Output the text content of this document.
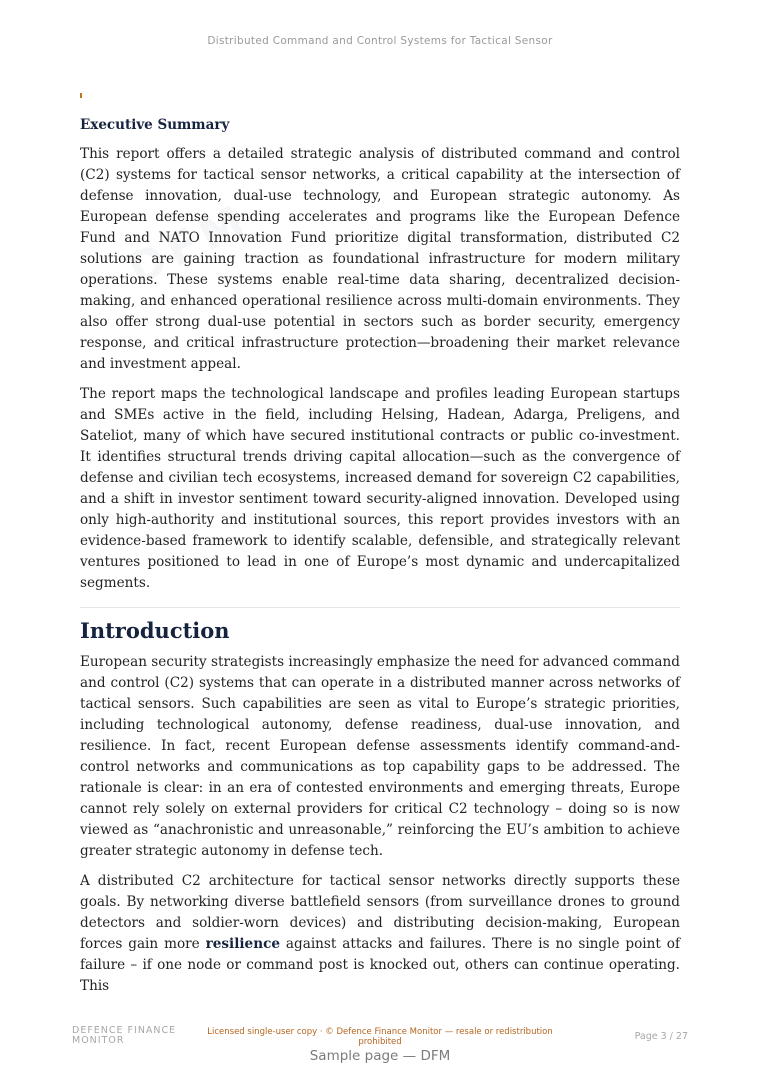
Distributed Command and Control Systems for Tactical Sensor
DFM
Executive Summary

This report offers a detailed strategic analysis of distributed command and control (C2) systems for tactical sensor networks, a critical capability at the intersection of defense innovation, dual-use technology, and European strategic autonomy. As European defense spending accelerates and programs like the European Defence Fund and NATO Innovation Fund prioritize digital transformation, distributed C2 solutions are gaining traction as foundational infrastructure for modern military operations. These systems enable real-time data sharing, decentralized decision-making, and enhanced operational resilience across multi-domain environments. They also offer strong dual-use potential in sectors such as border security, emergency response, and critical infrastructure protection—broadening their market relevance and investment appeal.

The report maps the technological landscape and profiles leading European startups and SMEs active in the field, including Helsing, Hadean, Adarga, Preligens, and Sateliot, many of which have secured institutional contracts or public co-investment. It identifies structural trends driving capital allocation—such as the convergence of defense and civilian tech ecosystems, increased demand for sovereign C2 capabilities, and a shift in investor sentiment toward security-aligned innovation. Developed using only high-authority and institutional sources, this report provides investors with an evidence-based framework to identify scalable, defensible, and strategically relevant ventures positioned to lead in one of Europe’s most dynamic and undercapitalized segments.

Introduction

European security strategists increasingly emphasize the need for advanced command and control (C2) systems that can operate in a distributed manner across networks of tactical sensors. Such capabilities are seen as vital to Europe’s strategic priorities, including technological autonomy, defense readiness, dual-use innovation, and resilience. In fact, recent European defense assessments identify command-and-control networks and communications as top capability gaps to be addressed. The rationale is clear: in an era of contested environments and emerging threats, Europe cannot rely solely on external providers for critical C2 technology – doing so is now viewed as “anachronistic and unreasonable,” reinforcing the EU’s ambition to achieve greater strategic autonomy in defense tech.

A distributed C2 architecture for tactical sensor networks directly supports these goals. By networking diverse battlefield sensors (from surveillance drones to ground detectors and soldier-worn devices) and distributing decision-making, European forces gain more resilience against attacks and failures. There is no single point of failure – if one node or command post is knocked out, others can continue operating. This

DEFENCE FINANCE MONITOR
Licensed single-user copy · © Defence Finance Monitor — resale or redistribution prohibited	Page 3 / 27
Sample page — DFM
